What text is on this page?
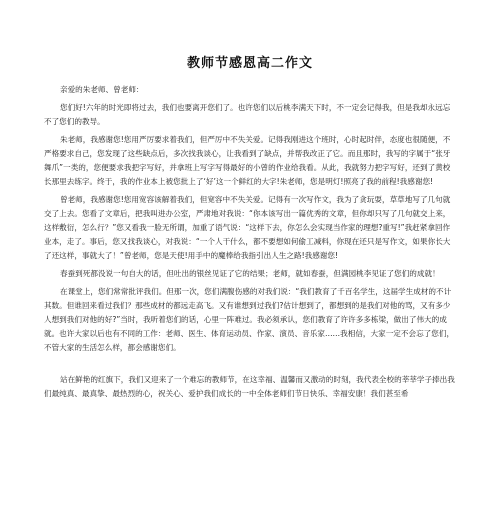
教师节感恩高二作文

亲爱的朱老师、曾老师：

您们好!六年的时光即将过去，我们也要离开您们了。也许您们以后桃李满天下时，不一定会记得我，但是我却永远忘不了您们的教导。

朱老师，我感谢您!您用严厉要求着我们，但严厉中不失关爱。记得我刚进这个班时，心时起时伴，态度也很随便，不严格要求自己，您发现了这些缺点后，多次找我谈心，让我看到了缺点，并帮我改正了它。而且那时，我写的字属于“张牙舞爪”一类的，您便要求我把字写好，并拿班上写字写得最好的小曾的作业给我看。从此，我就努力把字写好，还到了黄校长那里去练字。终于，我的作业本上被您批上了‘好’这一个鲜红的大字!朱老师，您是明灯!照亮了我的前程!我感谢您!

曾老师，我感谢您!您用宽容该解着我们，但宽容中不失关爱。记得有一次写作文，我为了贪玩耍，草草地写了几句就交了上去。您看了文章后，把我叫进办公室，严肃地对我说：“你本该写出一篇优秀的文章，但你却只写了几句就交上来，这样敷衍，怎么行？”您又看我一脸无所谓，加重了语气说：“这样下去，你怎么会实现当作家的理想?重写!”我赶紧拿回作业本，走了。事后，您又找我谈心，对我说：“一个人干什么，都不要想如何偷工减料，你现在还只是写作文，如果你长大了还这样，事就大了！”曾老师，您是天使!用手中的魔棒给我指引出人生之路!我感谢您!

春蚕到死都没说一句自大的话，但吐出的银丝见证了它的结果；老师，就如春蚕，但满园桃李见证了您们的成就！

在课堂上，您们常常批评我们。但那一次，您们满腹伤感的对我们说：“我们教育了千百名学生，这届学生成材的不计其数。但谁回来看过我们？那些成材的都远走高飞。又有谁想到过我们?估计想到了，都想到的是我们对他的骂，又有多少人想到我们对他的好?”当时，我听着您们的话，心里一阵难过。我必须承认，您们教育了许许多多栋梁，做出了伟大的成就。也许大家以后也有不同的工作：老师、医生、体育运动员、作家、演员、音乐家……我相信，大家一定不会忘了您们，不管大家的生活怎么样，都会感谢您们。

站在鲜艳的红旗下，我们又迎来了一个难忘的教师节，在这幸福、温馨而又激动的时刻，我代表全校的莘莘学子捧出我们最纯真、最真挚、最热烈的心，祝关心、爱护我们成长的一中全体老师们节日快乐、幸福安康！我们甚至希
